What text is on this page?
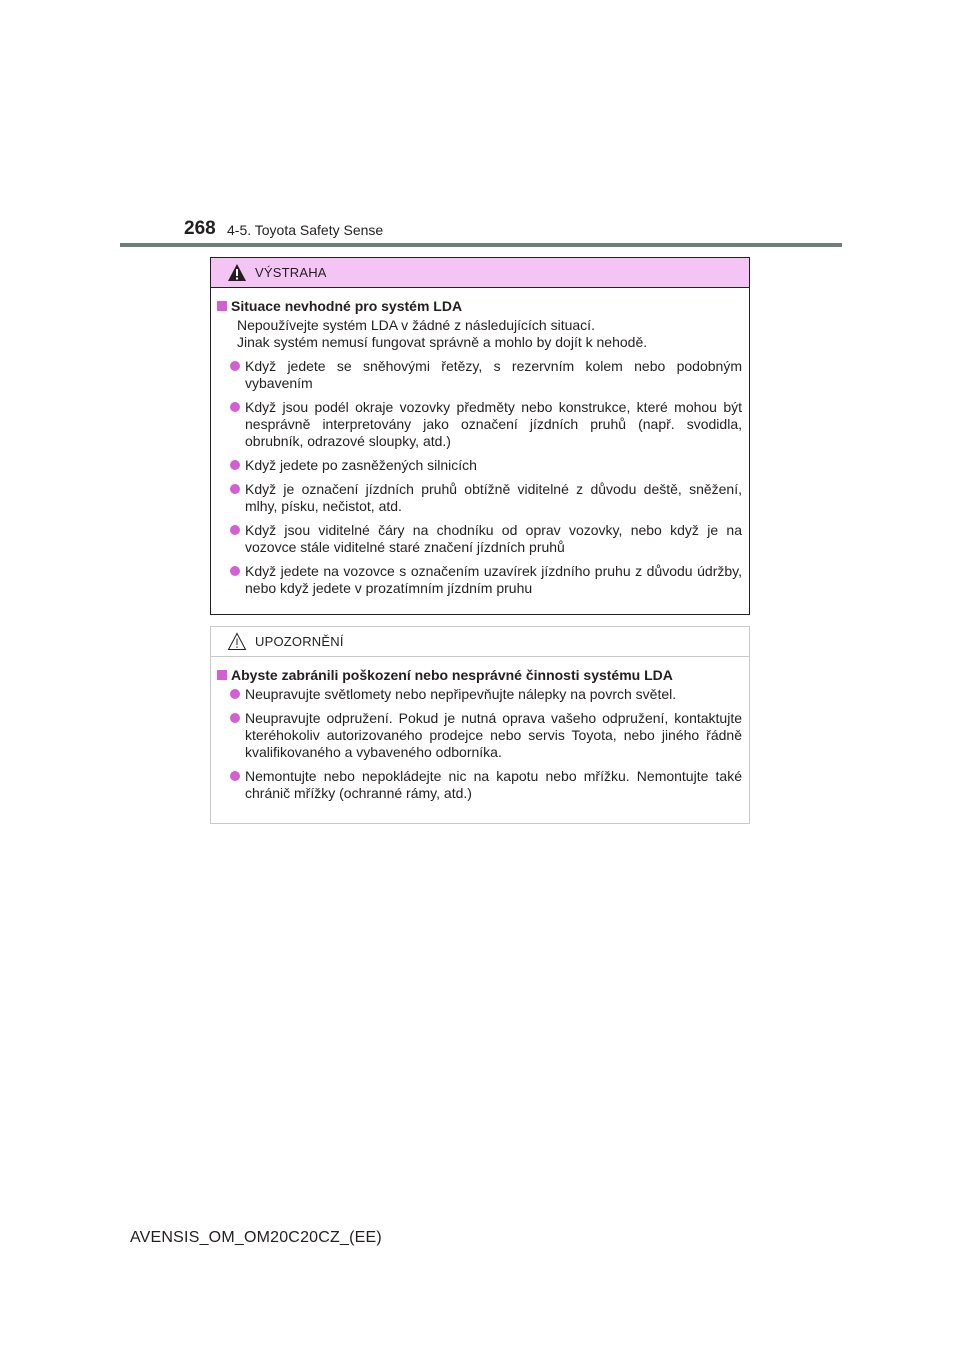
268 4-5. Toyota Safety Sense
VÝSTRAHA
Situace nevhodné pro systém LDA

Nepoužívejte systém LDA v žádné z následujících situací.

Jinak systém nemusí fungovat správně a mohlo by dojít k nehodě.

Když jedete se sněhovými řetězy, s rezervním kolem nebo podobným vybavením
Když jsou podél okraje vozovky předměty nebo konstrukce, které mohou být nesprávně interpretovány jako označení jízdních pruhů (např. svodidla, obrubník, odrazové sloupky, atd.)
Když jedete po zasněžených silnicích
Když je označení jízdních pruhů obtížně viditelné z důvodu deště, sněžení, mlhy, písku, nečistot, atd.
Když jsou viditelné čáry na chodníku od oprav vozovky, nebo když je na vozovce stále viditelné staré značení jízdních pruhů
Když jedete na vozovce s označením uzavírek jízdního pruhu z důvodu údržby, nebo když jedete v prozatímním jízdním pruhu
UPOZORNĚNÍ
Abyste zabránili poškození nebo nesprávné činnosti systému LDA
Neupravujte světlomety nebo nepřipevňujte nálepky na povrch světel.
Neupravujte odpružení. Pokud je nutná oprava vašeho odpružení, kontaktujte kteréhokoliv autorizovaného prodejce nebo servis Toyota, nebo jiného řádně kvalifikovaného a vybaveného odborníka.
Nemontujte nebo nepokládejte nic na kapotu nebo mřížku. Nemontujte také chránič mřížky (ochranné rámy, atd.)
AVENSIS_OM_OM20C20CZ_(EE)
